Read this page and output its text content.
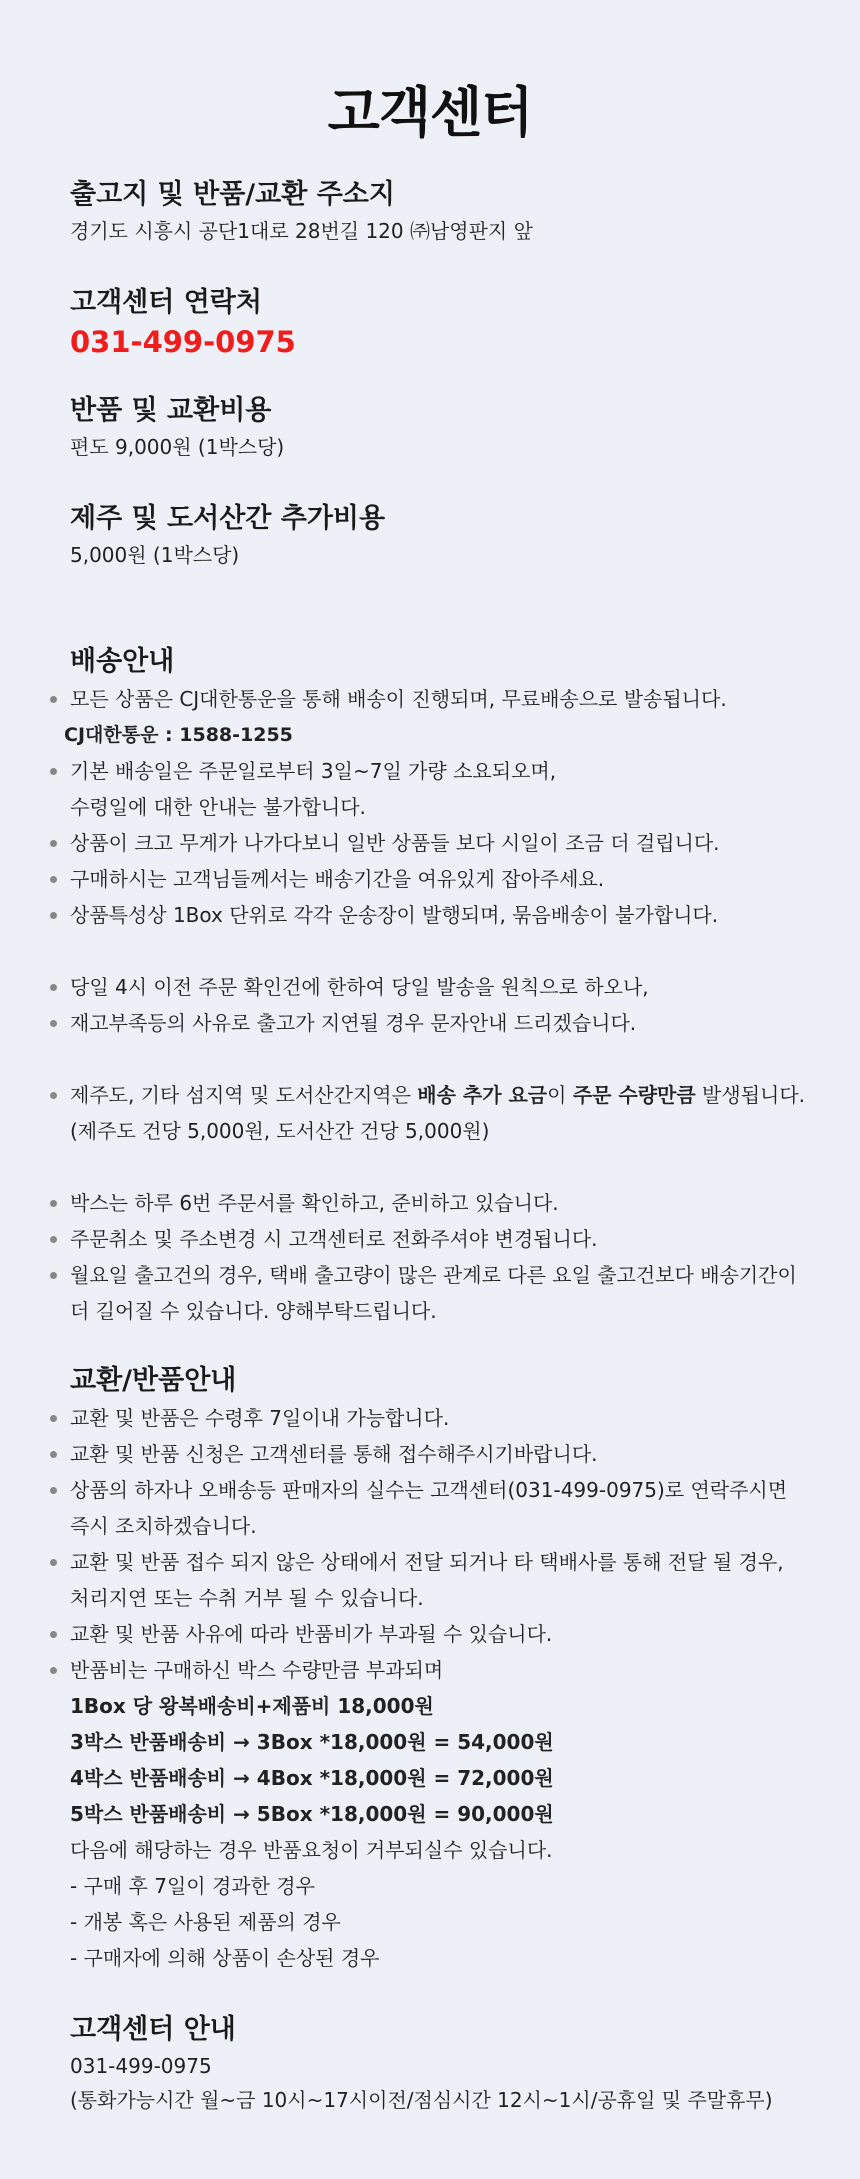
고객센터
출고지 및 반품/교환 주소지
경기도 시흥시 공단1대로 28번길 120 ㈜남영판지 앞
고객센터 연락처
031-499-0975
반품 및 교환비용
편도 9,000원 (1박스당)
제주 및 도서산간 추가비용
5,000원 (1박스당)
배송안내
모든 상품은 CJ대한통운을 통해 배송이 진행되며, 무료배송으로 발송됩니다.
CJ대한통운 : 1588-1255
기본 배송일은 주문일로부터 3일~7일 가량 소요되오며,
수령일에 대한 안내는 불가합니다.
상품이 크고 무게가 나가다보니 일반 상품들 보다 시일이 조금 더 걸립니다.
구매하시는 고객님들께서는 배송기간을 여유있게 잡아주세요.
상품특성상 1Box 단위로 각각 운송장이 발행되며, 묶음배송이 불가합니다.
당일 4시 이전 주문 확인건에 한하여 당일 발송을 원칙으로 하오나,
재고부족등의 사유로 출고가 지연될 경우 문자안내 드리겠습니다.
제주도, 기타 섬지역 및 도서산간지역은 배송 추가 요금이 주문 수량만큼 발생됩니다.
(제주도 건당 5,000원, 도서산간 건당 5,000원)
박스는 하루 6번 주문서를 확인하고, 준비하고 있습니다.
주문취소 및 주소변경 시 고객센터로 전화주셔야 변경됩니다.
월요일 출고건의 경우, 택배 출고량이 많은 관계로 다른 요일 출고건보다 배송기간이
더 길어질 수 있습니다. 양해부탁드립니다.
교환/반품안내
교환 및 반품은 수령후 7일이내 가능합니다.
교환 및 반품 신청은 고객센터를 통해 접수해주시기바랍니다.
상품의 하자나 오배송등 판매자의 실수는 고객센터(031-499-0975)로 연락주시면
즉시 조치하겠습니다.
교환 및 반품 접수 되지 않은 상태에서 전달 되거나 타 택배사를 통해 전달 될 경우,
처리지연 또는 수취 거부 될 수 있습니다.
교환 및 반품 사유에 따라 반품비가 부과될 수 있습니다.
반품비는 구매하신 박스 수량만큼 부과되며
1Box 당 왕복배송비+제품비 18,000원
3박스 반품배송비 → 3Box *18,000원 = 54,000원
4박스 반품배송비 → 4Box *18,000원 = 72,000원
5박스 반품배송비 → 5Box *18,000원 = 90,000원
다음에 해당하는 경우 반품요청이 거부되실수 있습니다.
- 구매 후 7일이 경과한 경우
- 개봉 혹은 사용된 제품의 경우
- 구매자에 의해 상품이 손상된 경우
고객센터 안내
031-499-0975
(통화가능시간 월~금 10시~17시이전/점심시간 12시~1시/공휴일 및 주말휴무)
